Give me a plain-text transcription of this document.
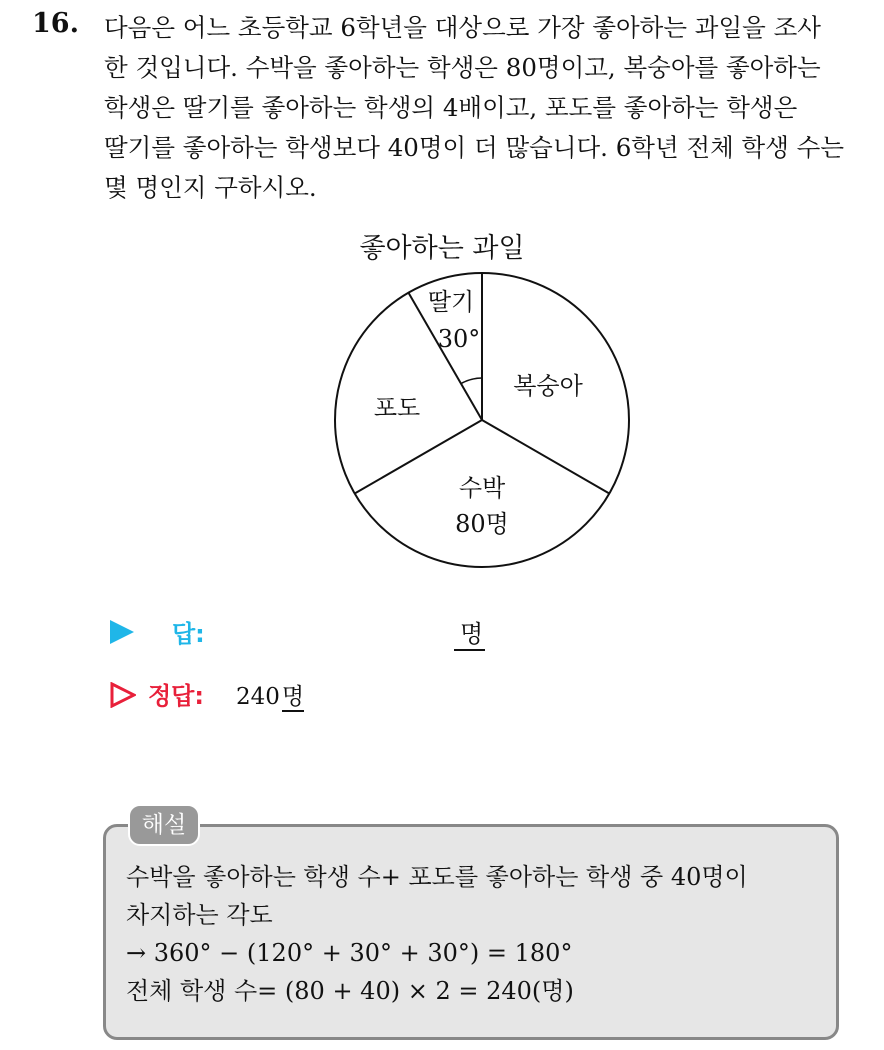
16. 다음은 어느 초등학교 6학년을 대상으로 가장 좋아하는 과일을 조사
한 것입니다. 수박을 좋아하는 학생은 80명이고, 복숭아를 좋아하는
학생은 딸기를 좋아하는 학생의 4배이고, 포도를 좋아하는 학생은
딸기를 좋아하는 학생보다 40명이 더 많습니다. 6학년 전체 학생 수는
몇 명인지 구하시오.
좋아하는 과일
복숭아
수박
80명
포도
딸기
30°
답:	명
정답: 240명
해설
수박을 좋아하는 학생 수+ 포도를 좋아하는 학생 중 40명이
차지하는 각도
→ 360° − (120° + 30° + 30°) = 180°
전체 학생 수= (80 + 40) × 2 = 240(명)
